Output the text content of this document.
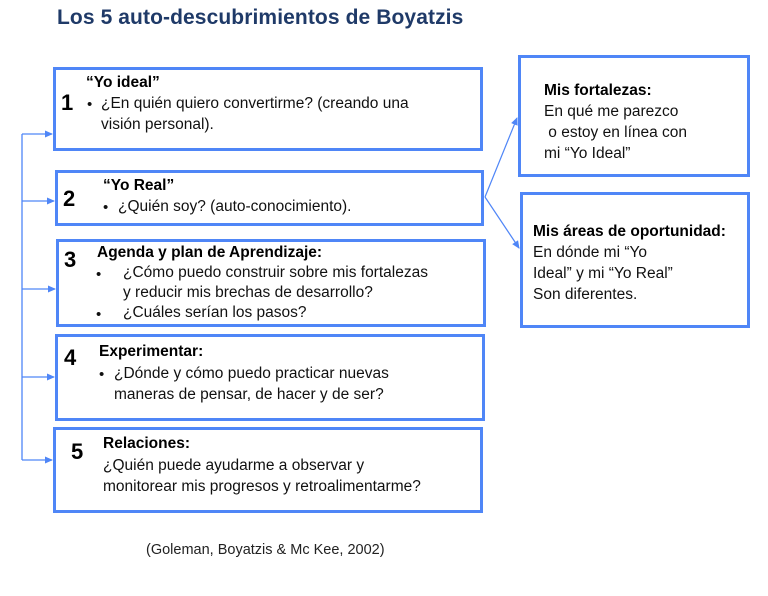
Los 5 auto-descubrimientos de Boyatzis
1
“Yo ideal”
• ¿En quién quiero convertirme? (creando una
visión personal).
2
“Yo Real”
• ¿Quién soy? (auto-conocimiento).
3 Agenda y plan de Aprendizaje:
• ¿Cómo puedo construir sobre mis fortalezas
y reducir mis brechas de desarrollo?
• ¿Cuáles serían los pasos?
4 Experimentar:
• ¿Dónde y cómo puedo practicar nuevas
maneras de pensar, de hacer y de ser?
5 Relaciones:
¿Quién puede ayudarme a observar y
monitorear mis progresos y retroalimentarme?
Mis fortalezas:
En qué me parezco
o estoy en línea con
mi “Yo Ideal”
Mis áreas de oportunidad:
En dónde mi “Yo
Ideal” y mi “Yo Real”
Son diferentes.
(Goleman, Boyatzis & Mc Kee, 2002)
